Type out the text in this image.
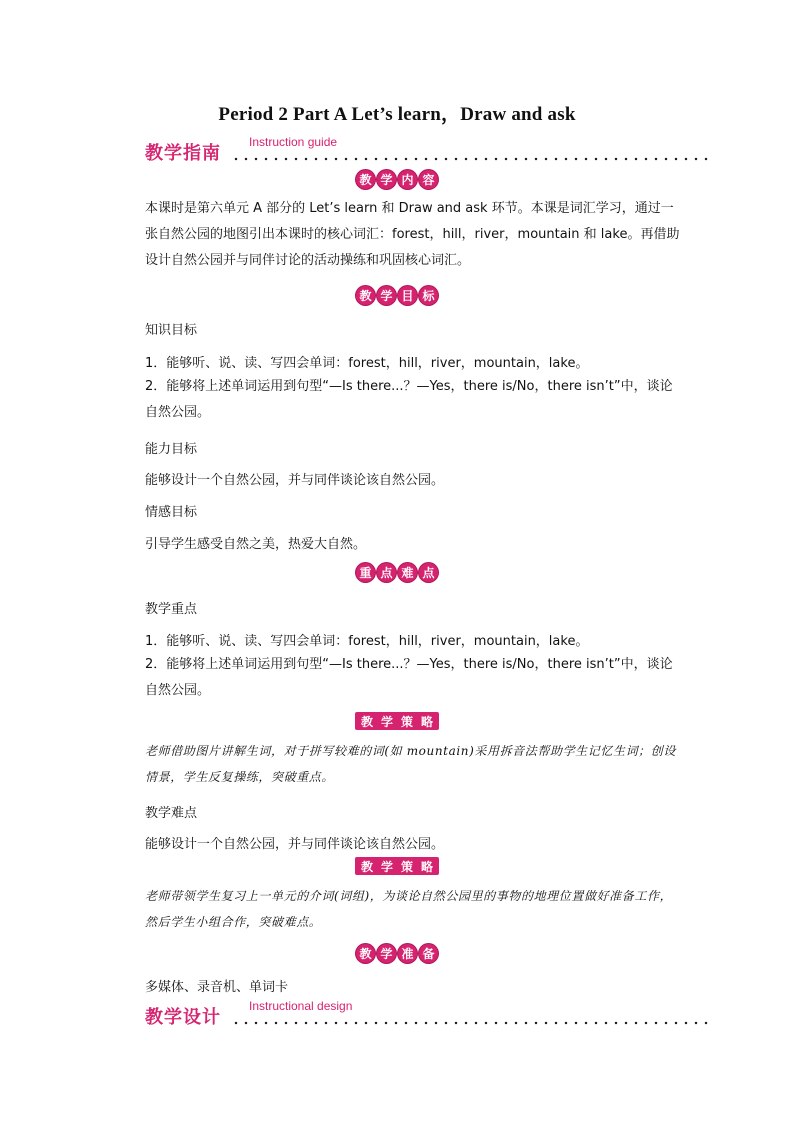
Period 2 Part A Let’s learn，Draw and ask
教学指南
Instruction guide
教 学 内 容
本课时是第六单元 A 部分的 Let’s learn 和 Draw and ask 环节。本课是词汇学习，通过一张自然公园的地图引出本课时的核心词汇：forest，hill，river，mountain 和 lake。再借助设计自然公园并与同伴讨论的活动操练和巩固核心词汇。
教 学 目 标
知识目标
1．能够听、说、读、写四会单词：forest，hill，river，mountain，lake。
2．能够将上述单词运用到句型“—Is there...？—Yes，there is/No，there isn’t”中，谈论自然公园。
能力目标
能够设计一个自然公园，并与同伴谈论该自然公园。
情感目标
引导学生感受自然之美，热爱大自然。
重 点 难 点
教学重点
1．能够听、说、读、写四会单词：forest，hill，river，mountain，lake。
2．能够将上述单词运用到句型“—Is there...？—Yes，there is/No，there isn’t”中，谈论自然公园。
教 学 策 略
老师借助图片讲解生词，对于拼写较难的词(如 mountain)采用拆音法帮助学生记忆生词；创设情景，学生反复操练，突破重点。
教学难点
能够设计一个自然公园，并与同伴谈论该自然公园。
教 学 策 略
老师带领学生复习上一单元的介词(词组)，为谈论自然公园里的事物的地理位置做好准备工作，然后学生小组合作，突破难点。
教 学 准 备
多媒体、录音机、单词卡
教学设计
Instructional design
